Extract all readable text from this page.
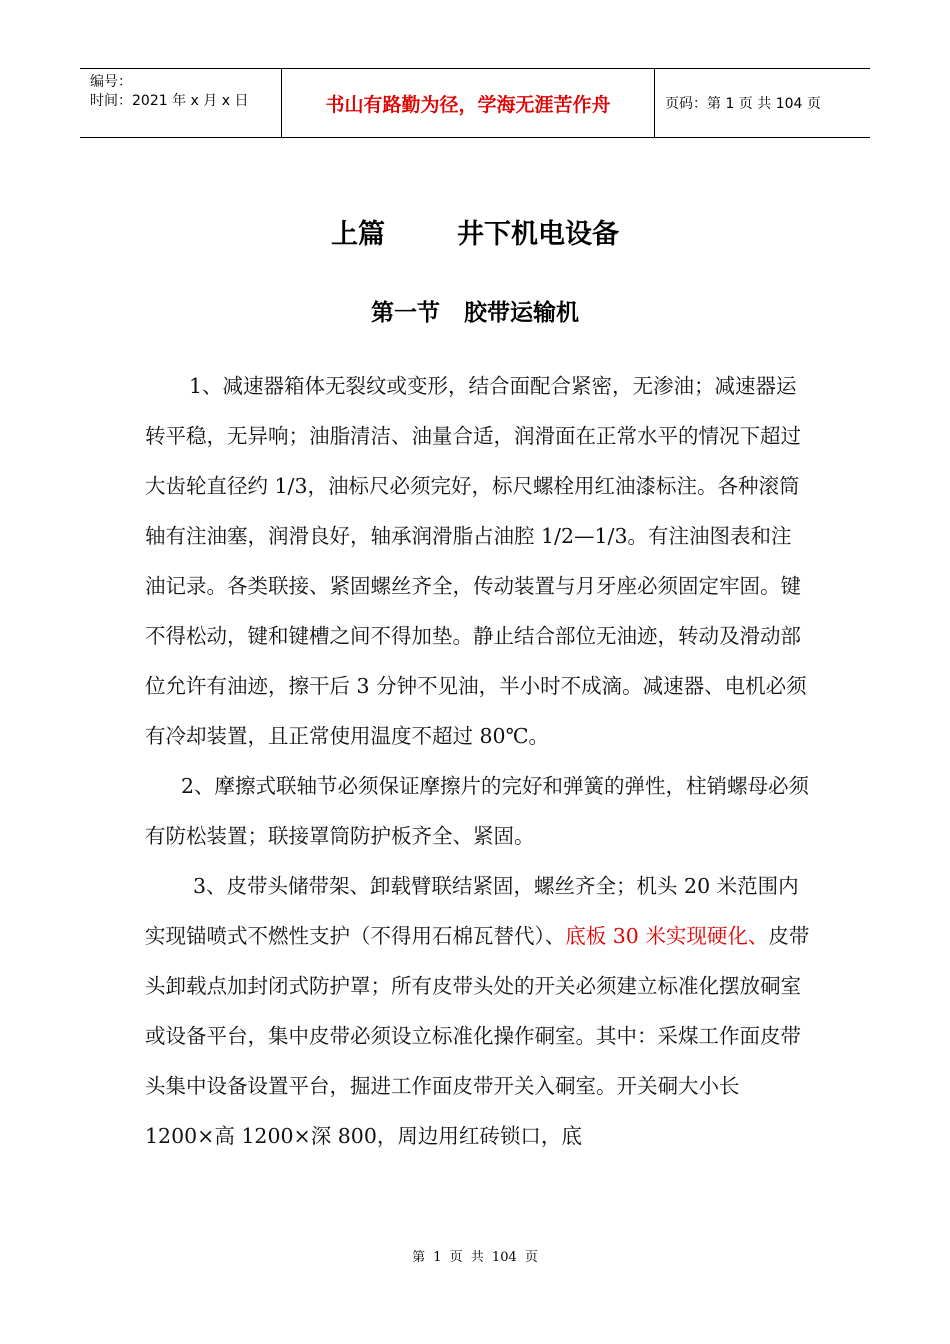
编号：
时间：2021 年 x 月 x 日	书山有路勤为径，学海无涯苦作舟	页码：第 1 页 共 104 页
上篇	井下机电设备
第一节 胶带运输机

1、减速器箱体无裂纹或变形，结合面配合紧密，无渗油；减速器运转平稳，无异响；油脂清洁、油量合适，润滑面在正常水平的情况下超过大齿轮直径约 1/3，油标尺必须完好，标尺螺栓用红油漆标注。各种滚筒轴有注油塞，润滑良好，轴承润滑脂占油腔 1/2—1/3。有注油图表和注油记录。各类联接、紧固螺丝齐全，传动装置与月牙座必须固定牢固。键不得松动，键和键槽之间不得加垫。静止结合部位无油迹，转动及滑动部位允许有油迹，擦干后 3 分钟不见油，半小时不成滴。减速器、电机必须有冷却装置，且正常使用温度不超过 80℃。

2、摩擦式联轴节必须保证摩擦片的完好和弹簧的弹性，柱销螺母必须有防松装置；联接罩筒防护板齐全、紧固。

3、皮带头储带架、卸载臂联结紧固，螺丝齐全；机头 20 米范围内实现锚喷式不燃性支护（不得用石棉瓦替代）、底板 30 米实现硬化、皮带头卸载点加封闭式防护罩；所有皮带头处的开关必须建立标准化摆放硐室或设备平台，集中皮带必须设立标准化操作硐室。其中：采煤工作面皮带头集中设备设置平台，掘进工作面皮带开关入硐室。开关硐大小长 1200×高 1200×深 800，周边用红砖锁口，底

第 1 页 共 104 页
